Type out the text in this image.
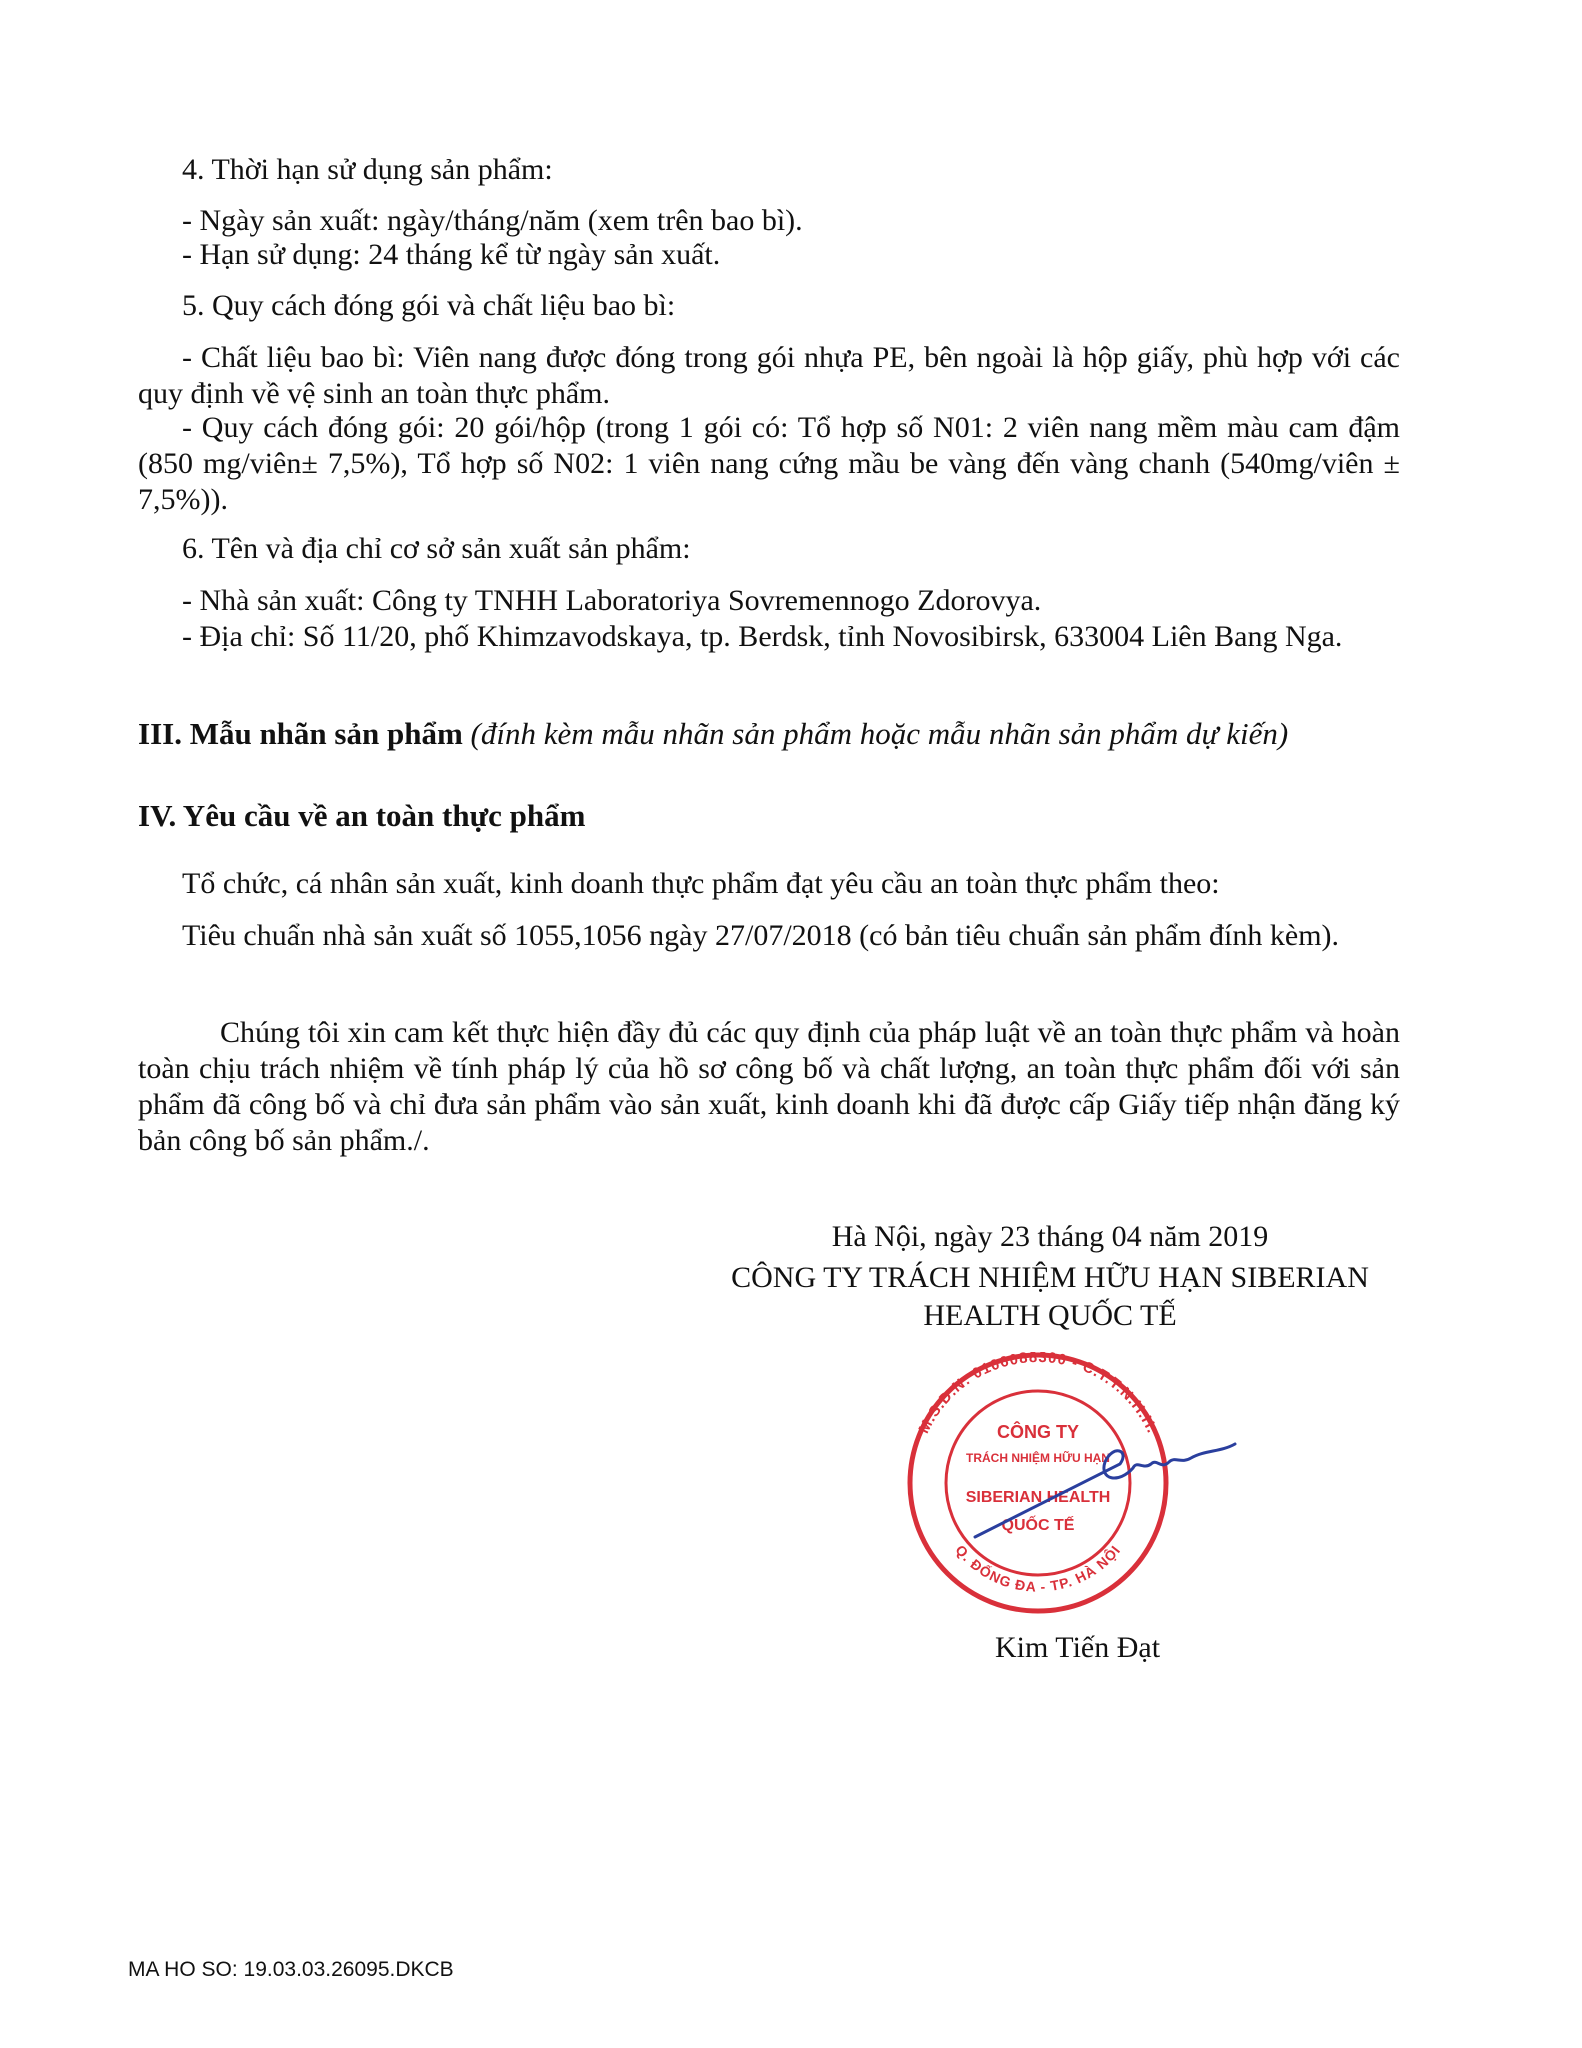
4. Thời hạn sử dụng sản phẩm:
- Ngày sản xuất: ngày/tháng/năm (xem trên bao bì).
- Hạn sử dụng: 24 tháng kể từ ngày sản xuất.
5. Quy cách đóng gói và chất liệu bao bì:
- Chất liệu bao bì: Viên nang được đóng trong gói nhựa PE, bên ngoài là hộp giấy, phù hợp với các quy định về vệ sinh an toàn thực phẩm.
- Quy cách đóng gói: 20 gói/hộp (trong 1 gói có: Tổ hợp số N01: 2 viên nang mềm màu cam đậm (850 mg/viên± 7,5%), Tổ hợp số N02: 1 viên nang cứng mầu be vàng đến vàng chanh (540mg/viên ± 7,5%)).
6. Tên và địa chỉ cơ sở sản xuất sản phẩm:
- Nhà sản xuất: Công ty TNHH Laboratoriya Sovremennogo Zdorovya.
- Địa chỉ: Số 11/20, phố Khimzavodskaya, tp. Berdsk, tỉnh Novosibirsk, 633004 Liên Bang Nga.
III. Mẫu nhãn sản phẩm (đính kèm mẫu nhãn sản phẩm hoặc mẫu nhãn sản phẩm dự kiến)
IV. Yêu cầu về an toàn thực phẩm
Tổ chức, cá nhân sản xuất, kinh doanh thực phẩm đạt yêu cầu an toàn thực phẩm theo:
Tiêu chuẩn nhà sản xuất số 1055,1056 ngày 27/07/2018 (có bản tiêu chuẩn sản phẩm đính kèm).
Chúng tôi xin cam kết thực hiện đầy đủ các quy định của pháp luật về an toàn thực phẩm và hoàn toàn chịu trách nhiệm về tính pháp lý của hồ sơ công bố và chất lượng, an toàn thực phẩm đối với sản phẩm đã công bố và chỉ đưa sản phẩm vào sản xuất, kinh doanh khi đã được cấp Giấy tiếp nhận đăng ký bản công bố sản phẩm./.
Hà Nội, ngày 23 tháng 04 năm 2019
CÔNG TY TRÁCH NHIỆM HỮU HẠN SIBERIAN
HEALTH QUỐC TẾ
M.S.D.N: 0106088300 - C.T.T.N.H.H.
Q. ĐỐNG ĐA - TP. HÀ NỘI
CÔNG TY
TRÁCH NHIỆM HỮU HẠN
SIBERIAN HEALTH
QUỐC TẾ
Kim Tiến Đạt
MA HO SO: 19.03.03.26095.DKCB
